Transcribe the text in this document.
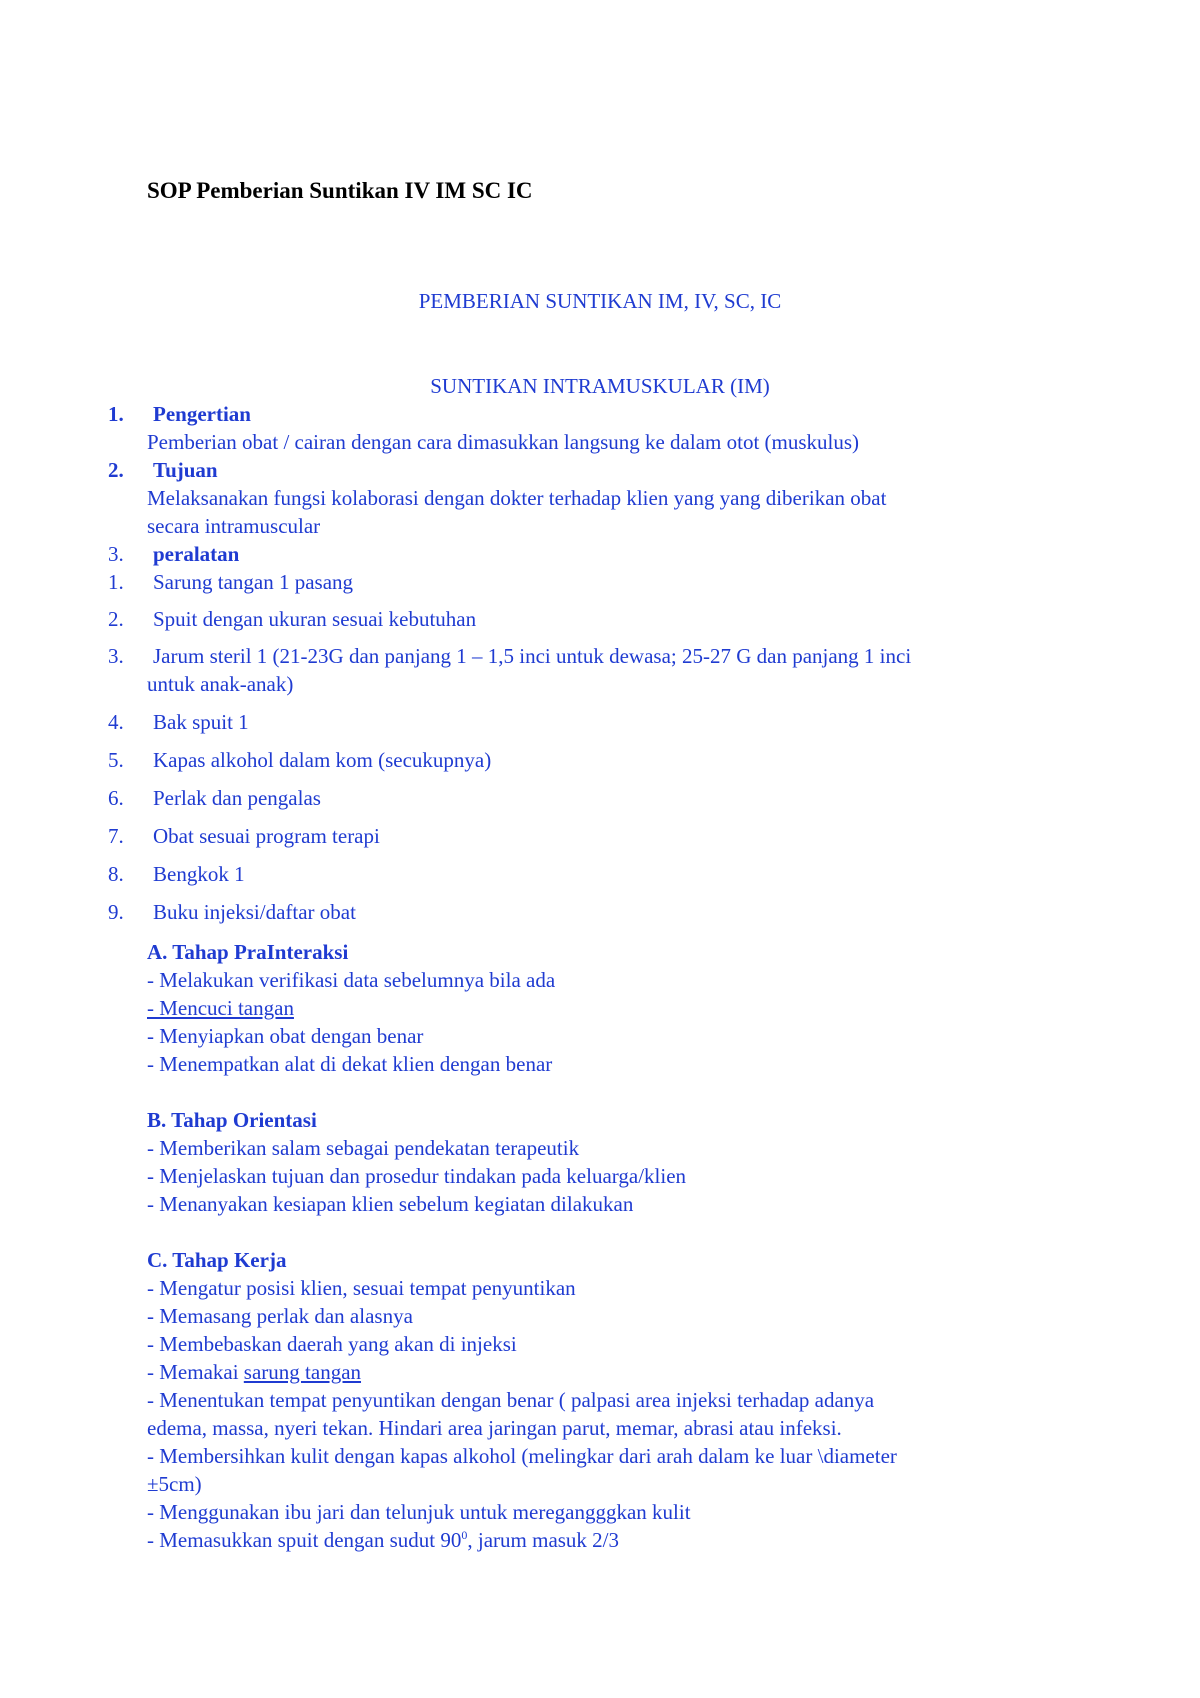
SOP Pemberian Suntikan IV IM SC IC
PEMBERIAN SUNTIKAN IM, IV, SC, IC
SUNTIKAN INTRAMUSKULAR (IM)
1. Pengertian
Pemberian obat / cairan dengan cara dimasukkan langsung ke dalam otot (muskulus)
2. Tujuan
Melaksanakan fungsi kolaborasi dengan dokter terhadap klien yang yang diberikan obat
secara intramuscular
3. peralatan
1. Sarung tangan 1 pasang
2. Spuit dengan ukuran sesuai kebutuhan
3. Jarum steril 1 (21-23G dan panjang 1 – 1,5 inci untuk dewasa; 25-27 G dan panjang 1 inci
untuk anak-anak)
4. Bak spuit 1
5. Kapas alkohol dalam kom (secukupnya)
6. Perlak dan pengalas
7. Obat sesuai program terapi
8. Bengkok 1
9. Buku injeksi/daftar obat
A. Tahap PraInteraksi
- Melakukan verifikasi data sebelumnya bila ada
- Mencuci tangan
- Menyiapkan obat dengan benar
- Menempatkan alat di dekat klien dengan benar
B. Tahap Orientasi
- Memberikan salam sebagai pendekatan terapeutik
- Menjelaskan tujuan dan prosedur tindakan pada keluarga/klien
- Menanyakan kesiapan klien sebelum kegiatan dilakukan
C. Tahap Kerja
- Mengatur posisi klien, sesuai tempat penyuntikan
- Memasang perlak dan alasnya
- Membebaskan daerah yang akan di injeksi
- Memakai sarung tangan
- Menentukan tempat penyuntikan dengan benar ( palpasi area injeksi terhadap adanya
edema, massa, nyeri tekan. Hindari area jaringan parut, memar, abrasi atau infeksi.
- Membersihkan kulit dengan kapas alkohol (melingkar dari arah dalam ke luar \diameter
±5cm)
- Menggunakan ibu jari dan telunjuk untuk meregangggkan kulit
- Memasukkan spuit dengan sudut $90^0$, jarum masuk 2/3
